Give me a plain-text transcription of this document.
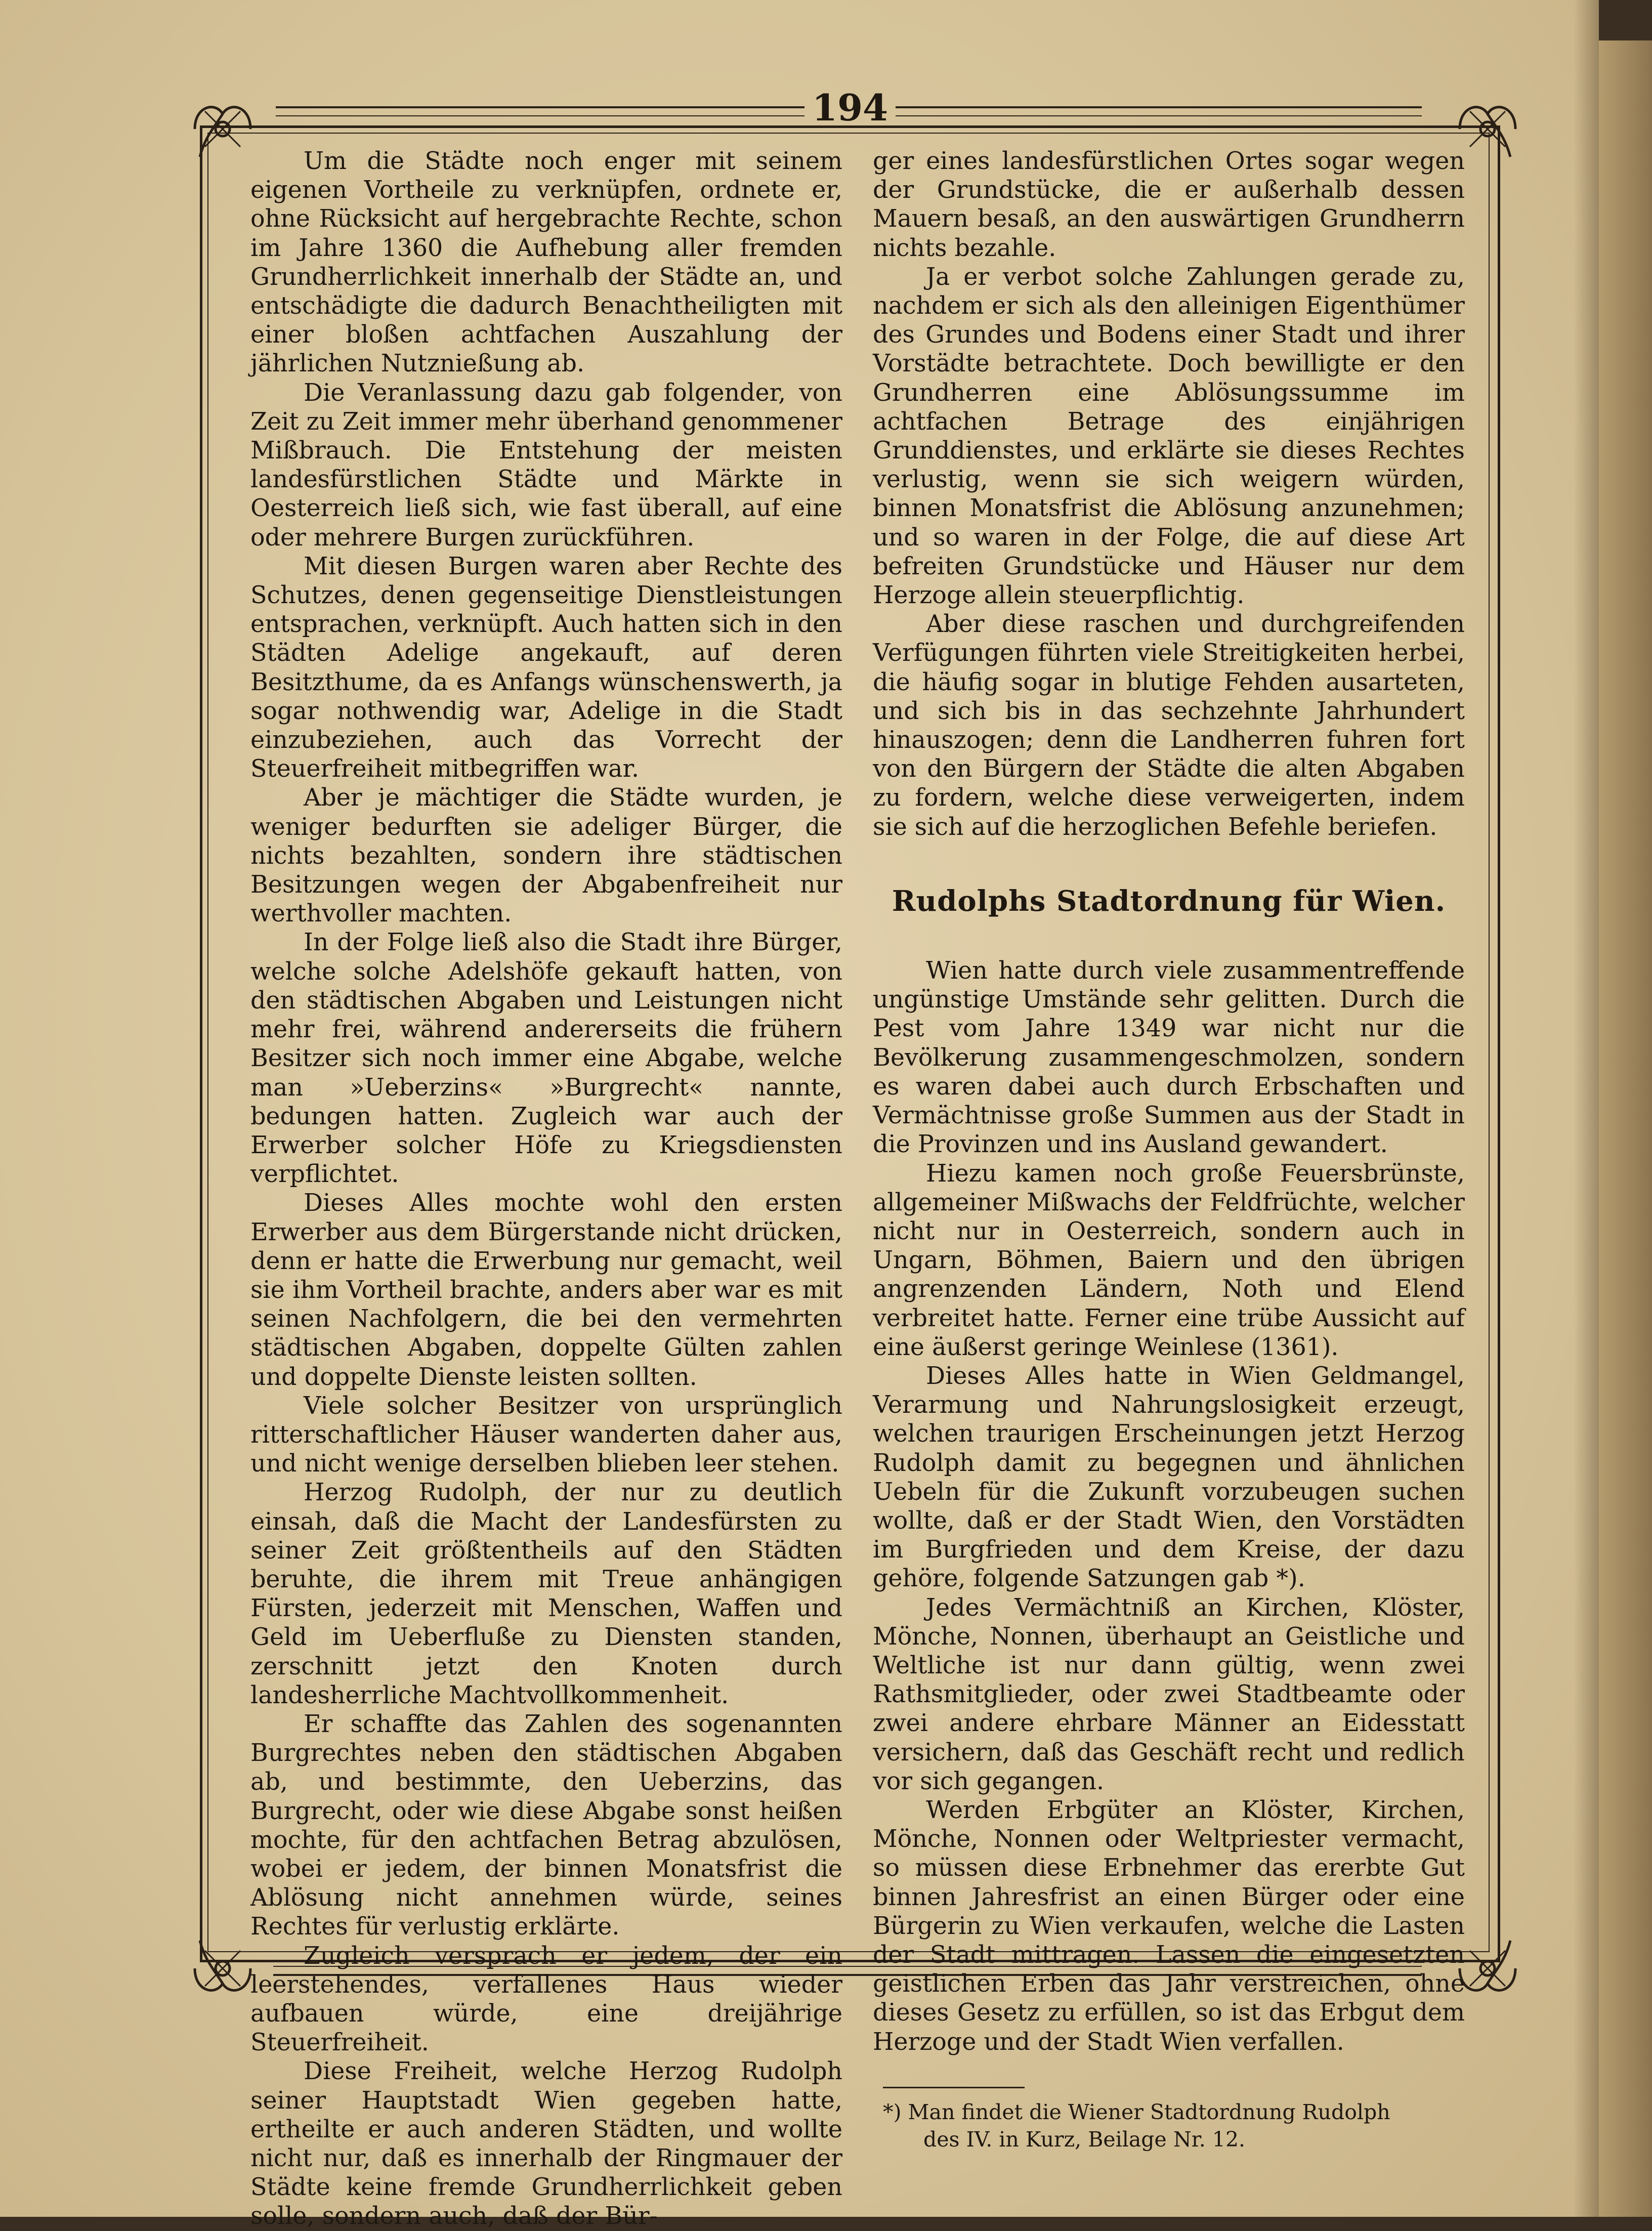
194

Um die Städte noch enger mit seinem eigenen Vortheile zu verknüpfen, ordnete er, ohne Rücksicht auf hergebrachte Rechte, schon im Jahre 1360 die Aufhebung aller fremden Grundherrlichkeit innerhalb der Städte an, und entschädigte die dadurch Benachtheiligten mit einer bloßen achtfachen Auszahlung der jährlichen Nutznießung ab.

Die Veranlassung dazu gab folgender, von Zeit zu Zeit immer mehr überhand genommener Mißbrauch. Die Entstehung der meisten landesfürstlichen Städte und Märkte in Oesterreich ließ sich, wie fast überall, auf eine oder mehrere Burgen zurückführen.

Mit diesen Burgen waren aber Rechte des Schutzes, denen gegenseitige Dienstleistungen entsprachen, verknüpft. Auch hatten sich in den Städten Adelige angekauft, auf deren Besitzthume, da es Anfangs wünschenswerth, ja sogar nothwendig war, Adelige in die Stadt einzubeziehen, auch das Vorrecht der Steuerfreiheit mitbegriffen war.

Aber je mächtiger die Städte wurden, je weniger bedurften sie adeliger Bürger, die nichts bezahlten, sondern ihre städtischen Besitzungen wegen der Abgabenfreiheit nur werthvoller machten.

In der Folge ließ also die Stadt ihre Bürger, welche solche Adelshöfe gekauft hatten, von den städtischen Abgaben und Leistungen nicht mehr frei, während andererseits die frühern Besitzer sich noch immer eine Abgabe, welche man »Ueberzins« »Burgrecht« nannte, bedungen hatten. Zugleich war auch der Erwerber solcher Höfe zu Kriegsdiensten verpflichtet.

Dieses Alles mochte wohl den ersten Erwerber aus dem Bürgerstande nicht drücken, denn er hatte die Erwerbung nur gemacht, weil sie ihm Vortheil brachte, anders aber war es mit seinen Nachfolgern, die bei den vermehrten städtischen Abgaben, doppelte Gülten zahlen und doppelte Dienste leisten sollten.

Viele solcher Besitzer von ursprünglich ritterschaftlicher Häuser wanderten daher aus, und nicht wenige derselben blieben leer stehen.

Herzog Rudolph, der nur zu deutlich einsah, daß die Macht der Landesfürsten zu seiner Zeit größtentheils auf den Städten beruhte, die ihrem mit Treue anhängigen Fürsten, jederzeit mit Menschen, Waffen und Geld im Ueberfluße zu Diensten standen, zerschnitt jetzt den Knoten durch landesherrliche Machtvollkommenheit.

Er schaffte das Zahlen des sogenannten Burgrechtes neben den städtischen Abgaben ab, und bestimmte, den Ueberzins, das Burgrecht, oder wie diese Abgabe sonst heißen mochte, für den achtfachen Betrag abzulösen, wobei er jedem, der binnen Monatsfrist die Ablösung nicht annehmen würde, seines Rechtes für verlustig erklärte.

Zugleich versprach er jedem, der ein leerstehendes, verfallenes Haus wieder aufbauen würde, eine dreijährige Steuerfreiheit.

Diese Freiheit, welche Herzog Rudolph seiner Hauptstadt Wien gegeben hatte, ertheilte er auch anderen Städten, und wollte nicht nur, daß es innerhalb der Ringmauer der Städte keine fremde Grundherrlichkeit geben solle, sondern auch, daß der Bür-

ger eines landesfürstlichen Ortes sogar wegen der Grundstücke, die er außerhalb dessen Mauern besaß, an den auswärtigen Grundherrn nichts bezahle.

Ja er verbot solche Zahlungen gerade zu, nachdem er sich als den alleinigen Eigenthümer des Grundes und Bodens einer Stadt und ihrer Vorstädte betrachtete. Doch bewilligte er den Grundherren eine Ablösungssumme im achtfachen Betrage des einjährigen Grunddienstes, und erklärte sie dieses Rechtes verlustig, wenn sie sich weigern würden, binnen Monatsfrist die Ablösung anzunehmen; und so waren in der Folge, die auf diese Art befreiten Grundstücke und Häuser nur dem Herzoge allein steuerpflichtig.

Aber diese raschen und durchgreifenden Verfügungen führten viele Streitigkeiten herbei, die häufig sogar in blutige Fehden ausarteten, und sich bis in das sechzehnte Jahrhundert hinauszogen; denn die Landherren fuhren fort von den Bürgern der Städte die alten Abgaben zu fordern, welche diese verweigerten, indem sie sich auf die herzoglichen Befehle beriefen.

Rudolphs Stadtordnung für Wien.

Wien hatte durch viele zusammentreffende ungünstige Umstände sehr gelitten. Durch die Pest vom Jahre 1349 war nicht nur die Bevölkerung zusammengeschmolzen, sondern es waren dabei auch durch Erbschaften und Vermächtnisse große Summen aus der Stadt in die Provinzen und ins Ausland gewandert.

Hiezu kamen noch große Feuersbrünste, allgemeiner Mißwachs der Feldfrüchte, welcher nicht nur in Oesterreich, sondern auch in Ungarn, Böhmen, Baiern und den übrigen angrenzenden Ländern, Noth und Elend verbreitet hatte. Ferner eine trübe Aussicht auf eine äußerst geringe Weinlese (1361).

Dieses Alles hatte in Wien Geldmangel, Verarmung und Nahrungslosigkeit erzeugt, welchen traurigen Erscheinungen jetzt Herzog Rudolph damit zu begegnen und ähnlichen Uebeln für die Zukunft vorzubeugen suchen wollte, daß er der Stadt Wien, den Vorstädten im Burgfrieden und dem Kreise, der dazu gehöre, folgende Satzungen gab *).

Jedes Vermächtniß an Kirchen, Klöster, Mönche, Nonnen, überhaupt an Geistliche und Weltliche ist nur dann gültig, wenn zwei Rathsmitglieder, oder zwei Stadtbeamte oder zwei andere ehrbare Männer an Eidesstatt versichern, daß das Geschäft recht und redlich vor sich gegangen.

Werden Erbgüter an Klöster, Kirchen, Mönche, Nonnen oder Weltpriester vermacht, so müssen diese Erbnehmer das ererbte Gut binnen Jahresfrist an einen Bürger oder eine Bürgerin zu Wien verkaufen, welche die Lasten der Stadt mittragen. Lassen die eingesetzten geistlichen Erben das Jahr verstreichen, ohne dieses Gesetz zu erfüllen, so ist das Erbgut dem Herzoge und der Stadt Wien verfallen.

*) Man findet die Wiener Stadtordnung Rudolph
des IV. in Kurz, Beilage Nr. 12.
